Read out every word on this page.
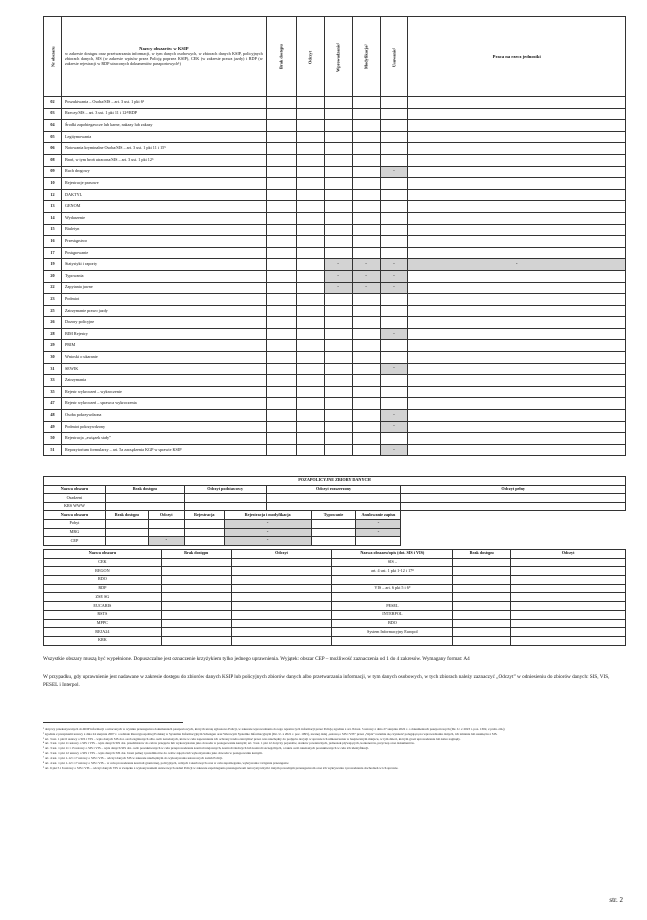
Nr obszaru	Nazwy obszarów w KSIP
w zakresie dostępu oraz przetwarzania informacji, w tym danych osobowych, w zbiorach danych KSIP, policyjnych zbiorach danych, SIS (w zakresie wpisów przez Policję poprzez KSIP), CEK (w zakresie prawa jazdy) i RDP (w zakresie rejestracji w RDP utraconych dokumentów paszportowych¹)	Brak dostępu	Odczyt	Wprowadzanie²	Modyfikacja²	Usuwanie²	Praca na rzecz jednostki
02	Poszukiwania – Osoba/SIS – art. 3 ust. 1 pkt 6³						
03	Rzeczy/SIS – art. 3 ust. 1 pkt 11 i 12⁴/RDP						
04	Środki zapobiegawcze lub karne, nakazy lub zakazy						
05	Legitymowania						
06	Notowania kryminalne Osoba/SIS – art. 3 ust. 1 pkt 11 i 15⁵						
08	Broń, w tym broń utracona/SIS – art. 3 ust. 1 pkt 12⁶						
09	Ruch drogowy					-	
10	Rejestracje prasowe						
12	DAKTYL						
13	GENOM						
14	Wydarzenie						
15	Biuletyn						
16	Przestępstwo						
17	Postępowanie						
19	Statystyki i raporty			-	-	-	-
20	Typowania			-	-	-	
22	Zapytania jawne			-	-	-	
23	Podmiot						
25	Zatrzymanie prawo jazdy						
26	Dozory policyjne						
28	BIM Rejestry					-	
29	PRIM						
30	Wnioski o ukaranie						
31	SEWIK					-	
33	Zatrzymania						
35	Rejestr wykroczeń – wykroczenie						
47	Rejestr wykroczeń – sprawca wykroczenia						
48	Osoba pokrzywdzona					-	
49	Podmiot pokrzywdzony					-	
50	Rejestracja „związek stały”						
51	Repozytorium formularzy – art. 5a zarządzenia KGP w sprawie KSIP					-	
POZAPOLICYJNE ZBIORY DANYCH								
Nazwa obszaru	Brak dostępu		Odczyt podstawowy		Odczyt rozszerzony			Odczyt pełny
Osadzeni								
KRS WWW								
Nazwa obszaru	Brak dostępu	Odczyt	Rejestracja	Rejestracja i modyfikacja		Typowanie	Anulowanie zapisu	
Pobyt				-			-	
MRG				-			-	
CEP		-		-				
Nazwa obszaru	Brak dostępu	Odczyt	Nazwa obszaru/opis (dot. SIS i VIS)	Brak dostępu	Odczyt
CEK			SIS –		
REGON			art. 4 ust. 1 pkt 1-12 i 17⁸		
RDO					
RDP			VIS – art. 6 pkt 5 i 6⁹		
ZSE SG					
EUCARIS			PESEL		
RSTS			INTERPOL		
MPPC			BDO		
REJA24			System Informacyjny Europol		
KRK					
Wszystkie obszary muszą być wypełnione. Dopuszczalne jest oznaczenie krzyżykiem tylko jednego uprawnienia. Wyjątek: obszar CEP – możliwość zaznaczenia od 1 do 4 zakresów. Wymagany format: A4
W przypadku, gdy uprawnienie jest nadawane w zakresie dostępu do zbiorów danych KSIP lub policyjnych zbiorów danych albo przetwarzania informacji, w tym danych osobowych, w tych zbiorach należy zaznaczyć „Odczyt” w odniesieniu do zbiorów danych: SIS, VIS, PESEL i Interpol.

¹ dotyczy przekazywanych do RDP informacji o utraconych w wyniku przestępstwa dokumentach paszportowych, których utratę zgłoszono Policji, w zakresie wprowadzania do tego rejestru tych informacji przez Policję zgodnie z art. 84 ust. 5 ustawy z dnia 27 sierpnia 2022 r. o dokumentach paszportowych (Dz. U. z 2023 r. poz. 1302, z późn. zm.);

² zgodnie z przepisami ustawy z dnia 24 sierpnia 2007 r. o udziale Rzeczypospolitej Polskiej w Systemie Informacyjnym Schengen oraz Wizowym Systemie Informacyjnym (Dz. U. z 2021 r. poz. 1095), zwanej dalej „ustawą o SIS i VIS” przez „Wpis” rozumie się czynność polegającą na wprowadzaniu danych, ich zmianie lub usunięciu z SIS.

³ art. 3 ust. 1 pkt 6 ustawy o SIS i VIS – wpis danych SIS dot. osób zaginionych albo osób narażonych, które w celu zapewnienia ich ochrony trzeba zatrzymać przez czas niezbędny do podjęcia decyzji w sprawie ich umieszczenia w bezpiecznym miejscu, w tym dzieci, którym grozi uprowadzenie lub które zaginęły.

⁴ art. 3 ust. 1 pkt 11 ustawy o SIS i VIS – wpis danych SIS dot. przedmiotów do celów przejęcia lub wykorzystania jako dowodu w postępowaniu karnym; art. 3 ust. 1 pkt 12 dotyczy pojazdów, statków powietrznych, jednostek pływających, kontenerów, przyczep oraz dokumentów.

⁵ art. 3 ust. 1 pkt 11 i 15 ustawy o SIS i VIS – wpis danych SIS dot. osób poszukiwanych w celu przeprowadzenia kontroli niejawnych, kontroli śledczych lub kontroli szczególnych, a także osób nieznanych poszukiwanych w celu ich identyfikacji.

⁶ art. 3 ust. 1 pkt 12 ustawy o SIS i VIS – wpis danych SIS dot. broni palnej i przedmiotów do celów zajęcia lub wykorzystania jako dowodu w postępowaniu karnym.

⁷ art. 4 ust. 1 pkt 1-12 i 17 ustawy o SIS i VIS – odczyt danych SIS w zakresie niezbędnym do wykonywania ustawowych zadań Policji.

⁸ art. 4 ust. 1 pkt 1-12 i 17 ustawy o SIS i VIS – w celu prowadzenia kontroli granicznej, policyjnych, celnych i skarbowych oraz w celu zapobiegania, wykrywania i ścigania przestępstw.

⁹ art. 6 pkt 5 i 6 ustawy o SIS i VIS – odczyt danych VIS w związku z wykonywaniem ustawowych zadań Policji w zakresie zapobiegania przestępstwom terrorystycznym i innym poważnym przestępstwom oraz ich wykrywania i prowadzenia dochodzeń w ich sprawie.

str. 2
